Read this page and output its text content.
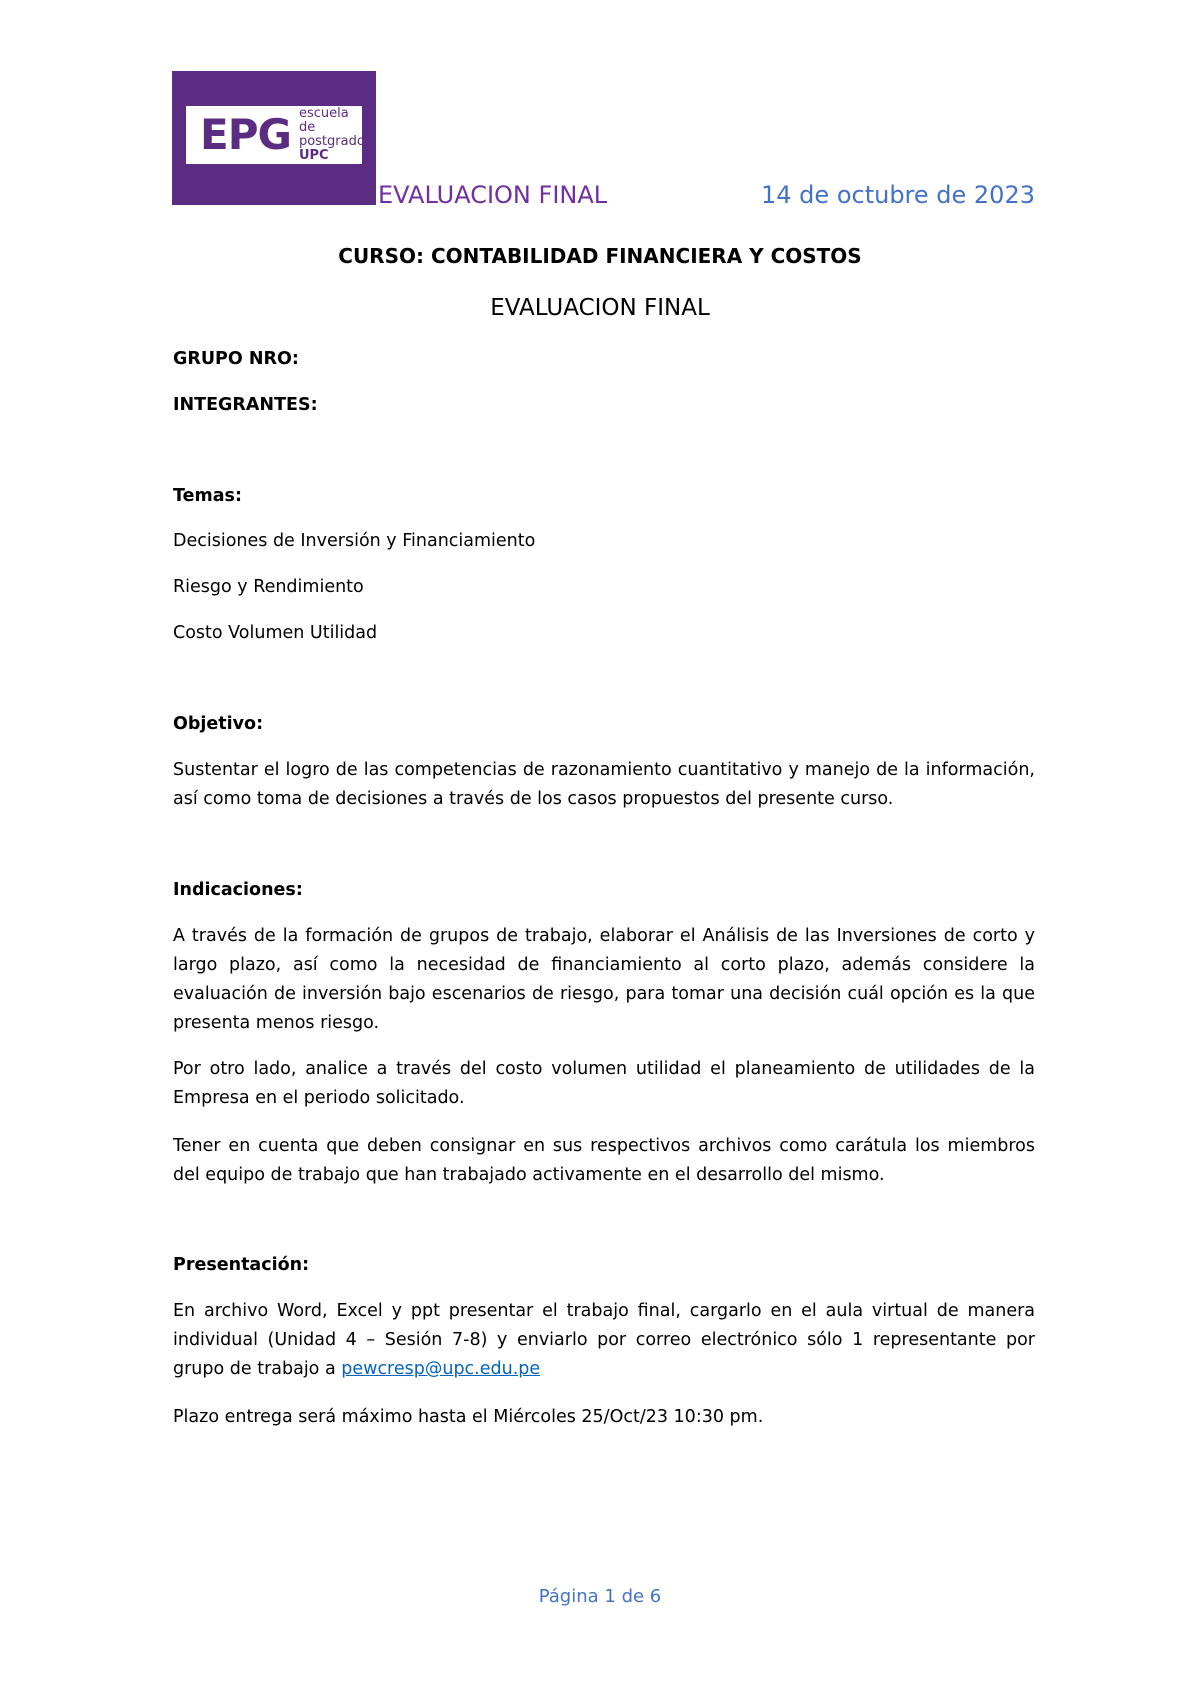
EPG escuela de
postgrado
UPC
EVALUACION FINAL	14 de octubre de 2023
CURSO: CONTABILIDAD FINANCIERA Y COSTOS
EVALUACION FINAL
GRUPO NRO:
INTEGRANTES:
Temas:
Decisiones de Inversión y Financiamiento
Riesgo y Rendimiento
Costo Volumen Utilidad
Objetivo:
Sustentar el logro de las competencias de razonamiento cuantitativo y manejo de la información, así como toma de decisiones a través de los casos propuestos del presente curso.
Indicaciones:
A través de la formación de grupos de trabajo, elaborar el Análisis de las Inversiones de corto y largo plazo, así como la necesidad de financiamiento al corto plazo, además considere la evaluación de inversión bajo escenarios de riesgo, para tomar una decisión cuál opción es la que presenta menos riesgo.
Por otro lado, analice a través del costo volumen utilidad el planeamiento de utilidades de la Empresa en el periodo solicitado.
Tener en cuenta que deben consignar en sus respectivos archivos como carátula los miembros del equipo de trabajo que han trabajado activamente en el desarrollo del mismo.
Presentación:
En archivo Word, Excel y ppt presentar el trabajo final, cargarlo en el aula virtual de manera individual (Unidad 4 – Sesión 7-8) y enviarlo por correo electrónico sólo 1 representante por grupo de trabajo a pewcresp@upc.edu.pe
Plazo entrega será máximo hasta el Miércoles 25/Oct/23 10:30 pm.
Página 1 de 6
